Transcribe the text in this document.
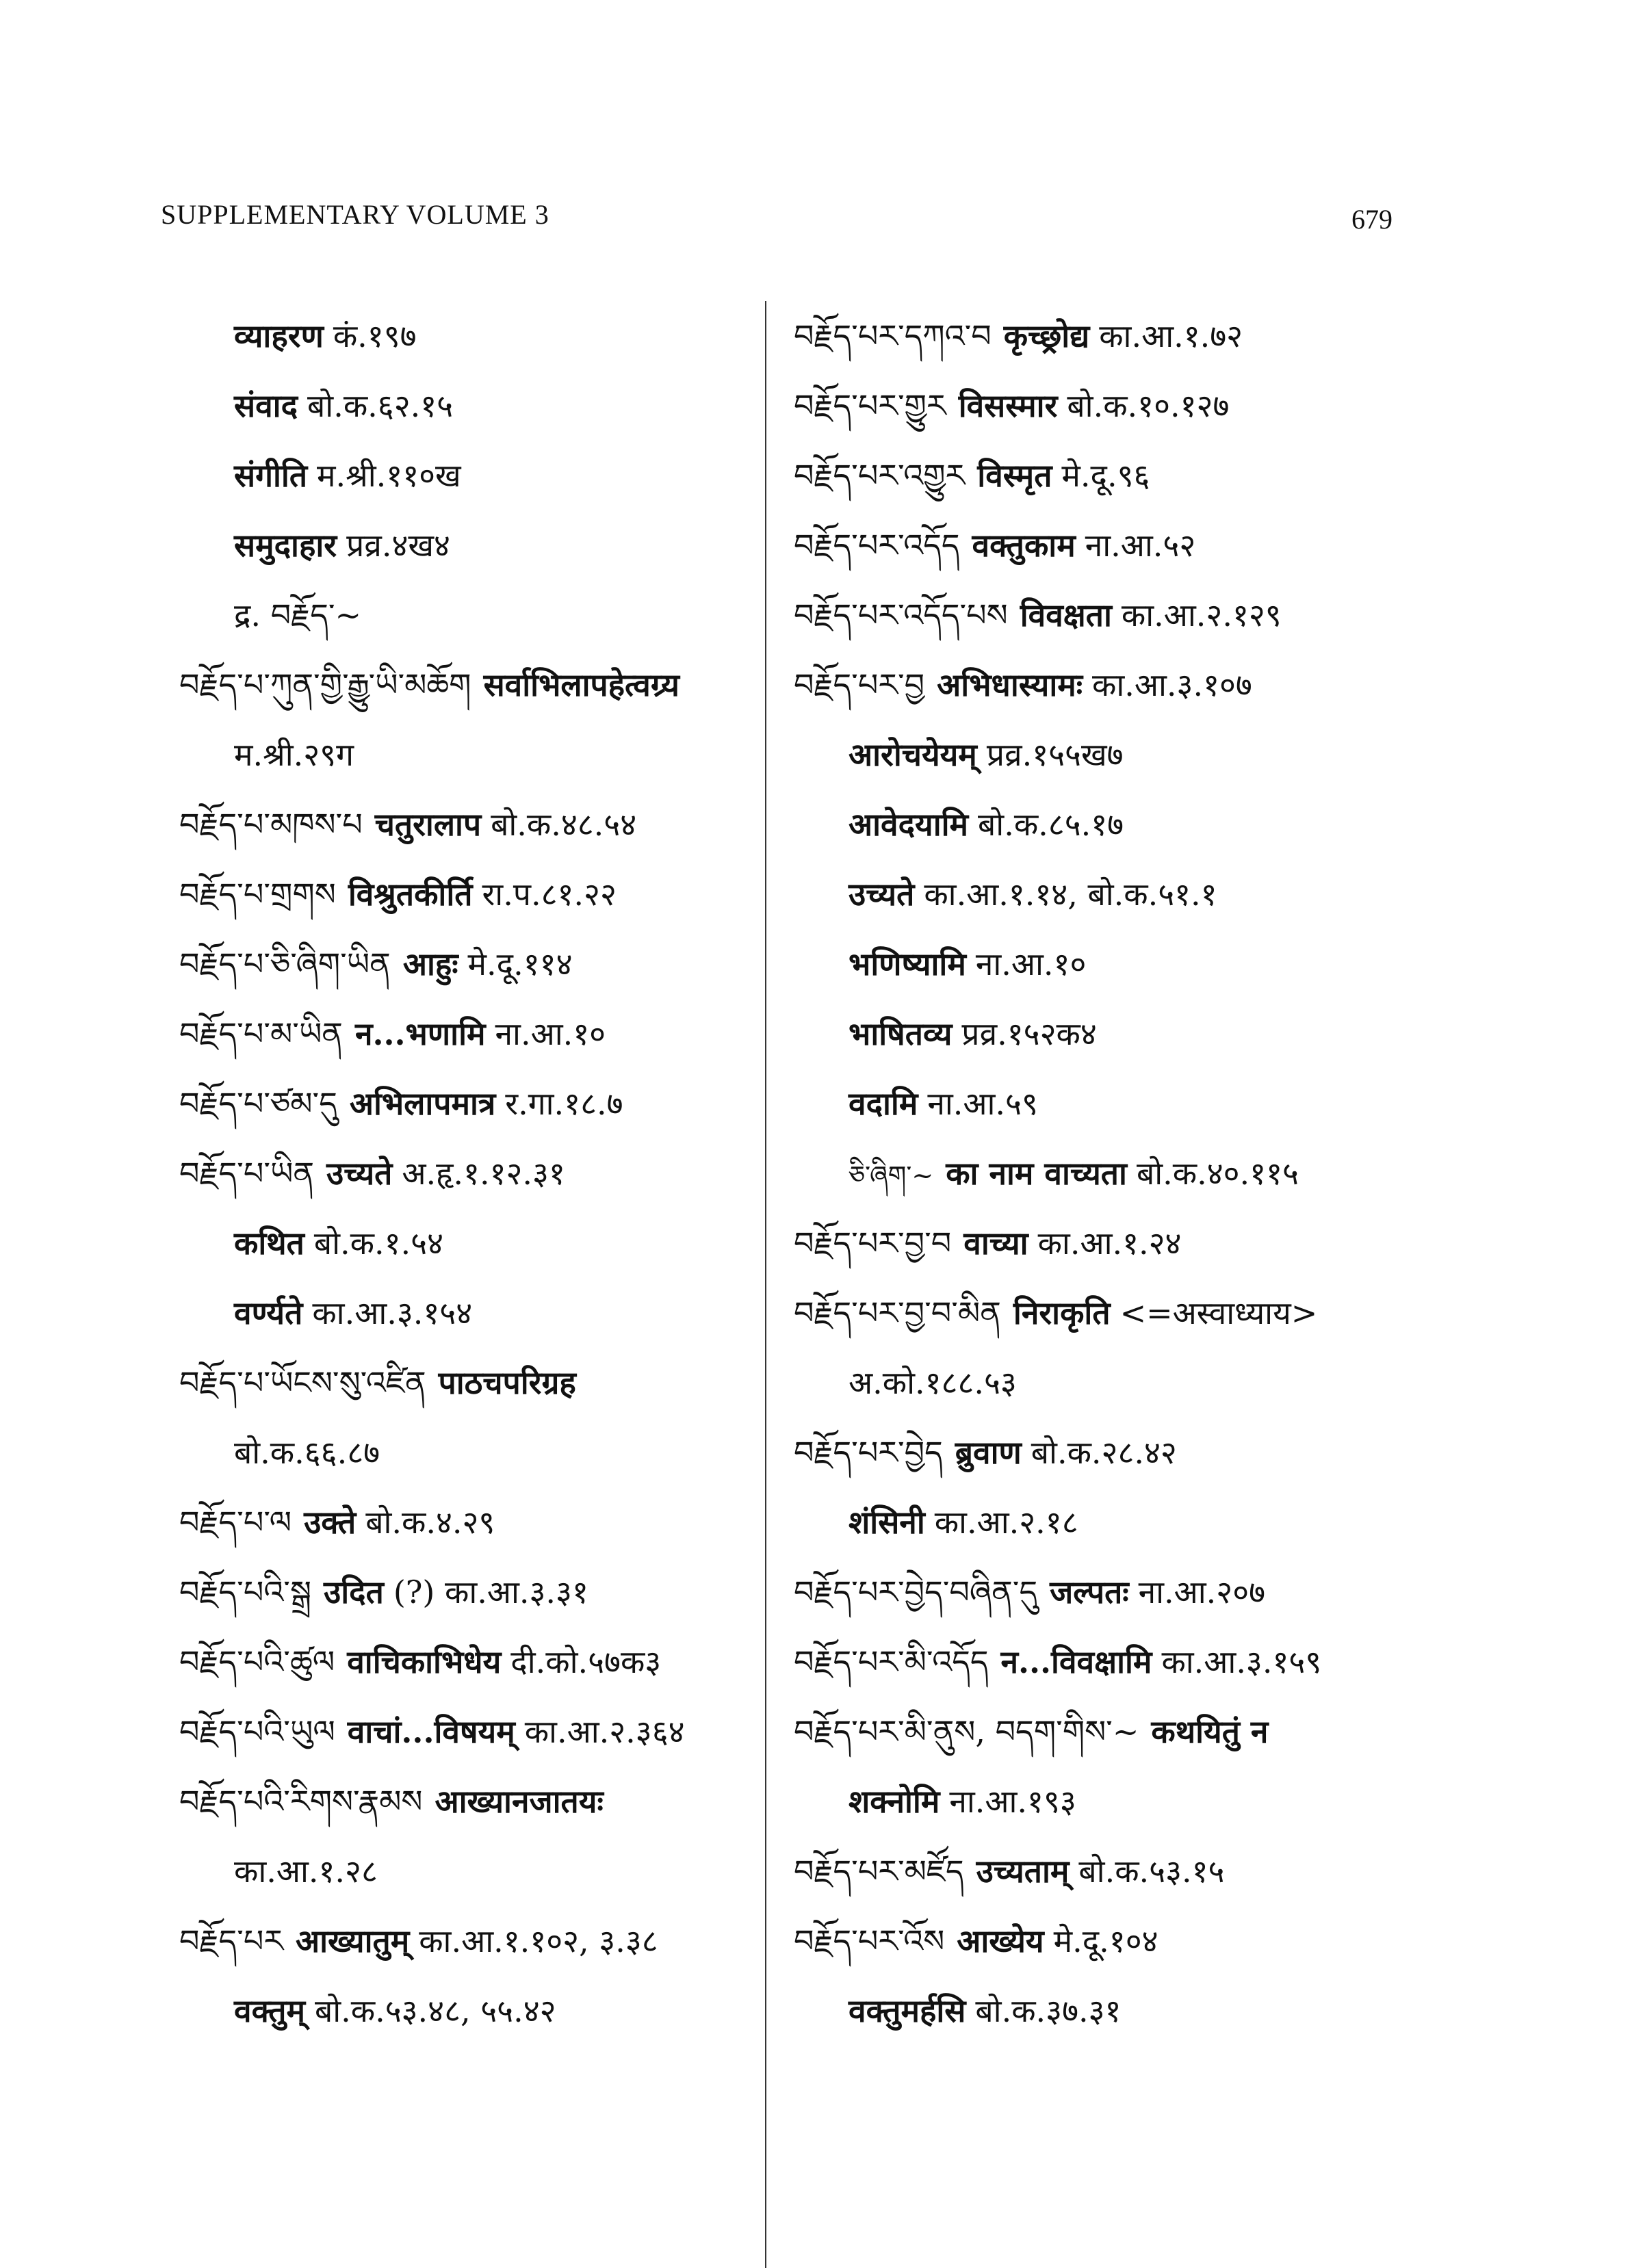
SUPPLEMENTARY VOLUME 3	679
व्याहरण कं.१९७
संवाद बो.क.६२.१५
संगीति म.श्री.११०ख
समुदाहार प्रव्र.४ख४
द्र. བརྗོད་~
བརྗོད་པ་ཀུན་གྱི་རྒྱུ་ཡི་མཆོག सर्वाभिलापहेत्वग्र्य
म.श्री.२९ग
བརྗོད་པ་མཁས་པ चतुरालाप बो.क.४८.५४
བརྗོད་པ་གྲགས विश्रुतकीर्ति रा.प.८१.२२
བརྗོད་པ་ཅི་ཞིག་ཡིན आहुः मे.दू.११४
བརྗོད་པ་མ་ཡིན न...भणामि ना.आ.१०
བརྗོད་པ་ཙམ་དུ अभिलापमात्र र.गा.१८.७
བརྗོད་པ་ཡིན उच्यते अ.हृ.१.१२.३१
कथित बो.क.१.५४
वर्ण्यते का.आ.३.१५४
བརྗོད་པ་ཡོངས་སུ་འཛིན पाठचपरिग्रह
बो.क.६६.८७
བརྗོད་པ་ལ उक्ते बो.क.४.२९
བརྗོད་པའི་སྒྲ उदित (?) का.आ.३.३१
བརྗོད་པའི་ཚུལ वाचिकाभिधेय दी.को.५७क३
བརྗོད་པའི་ཡུལ वाचां...विषयम् का.आ.२.३६४
བརྗོད་པའི་རིགས་རྣམས आख्यानजातयः
का.आ.१.२८
བརྗོད་པར आख्यातुम् का.आ.१.१०२, ३.३८
वक्तुम् बो.क.५३.४८, ५५.४२
བརྗོད་པར་དཀའ་བ कृच्छ्रोद्य का.आ.१.७२
བརྗོད་པར་གྱུར विसस्मार बो.क.१०.१२७
བརྗོད་པར་འགྱུར विस्मृत मे.दू.९६
བརྗོད་པར་འདོད वक्तुकाम ना.आ.५२
བརྗོད་པར་འདོད་པས विवक्षता का.आ.२.१२९
བརྗོད་པར་བྱ अभिधास्यामः का.आ.३.१०७
आरोचयेयम् प्रव्र.१५५ख७
आवेदयामि बो.क.८५.१७
उच्यते का.आ.१.१४, बो.क.५१.१
भणिष्यामि ना.आ.१०
भाषितव्य प्रव्र.१५२क४
वदामि ना.आ.५९
ཅི་ཞིག་~ का नाम वाच्यता बो.क.४०.११५
བརྗོད་པར་བྱ་བ वाच्या का.आ.१.२४
བརྗོད་པར་བྱ་བ་མིན निराकृति <=अस्वाध्याय>
अ.को.१८८.५३
བརྗོད་པར་བྱེད ब्रुवाण बो.क.२८.४२
शंसिनी का.आ.२.१८
བརྗོད་པར་བྱེད་བཞིན་དུ जल्पतः ना.आ.२०७
བརྗོད་པར་མི་འདོད न...विवक्षामि का.आ.३.१५९
བརྗོད་པར་མི་ནུས, བདག་གིས་~ कथयितुं न
शक्नोमि ना.आ.१९३
བརྗོད་པར་མཛོད उच्यताम् बो.क.५३.१५
བརྗོད་པར་འོས आख्येय मे.दू.१०४
वक्तुमर्हसि बो.क.३७.३१
